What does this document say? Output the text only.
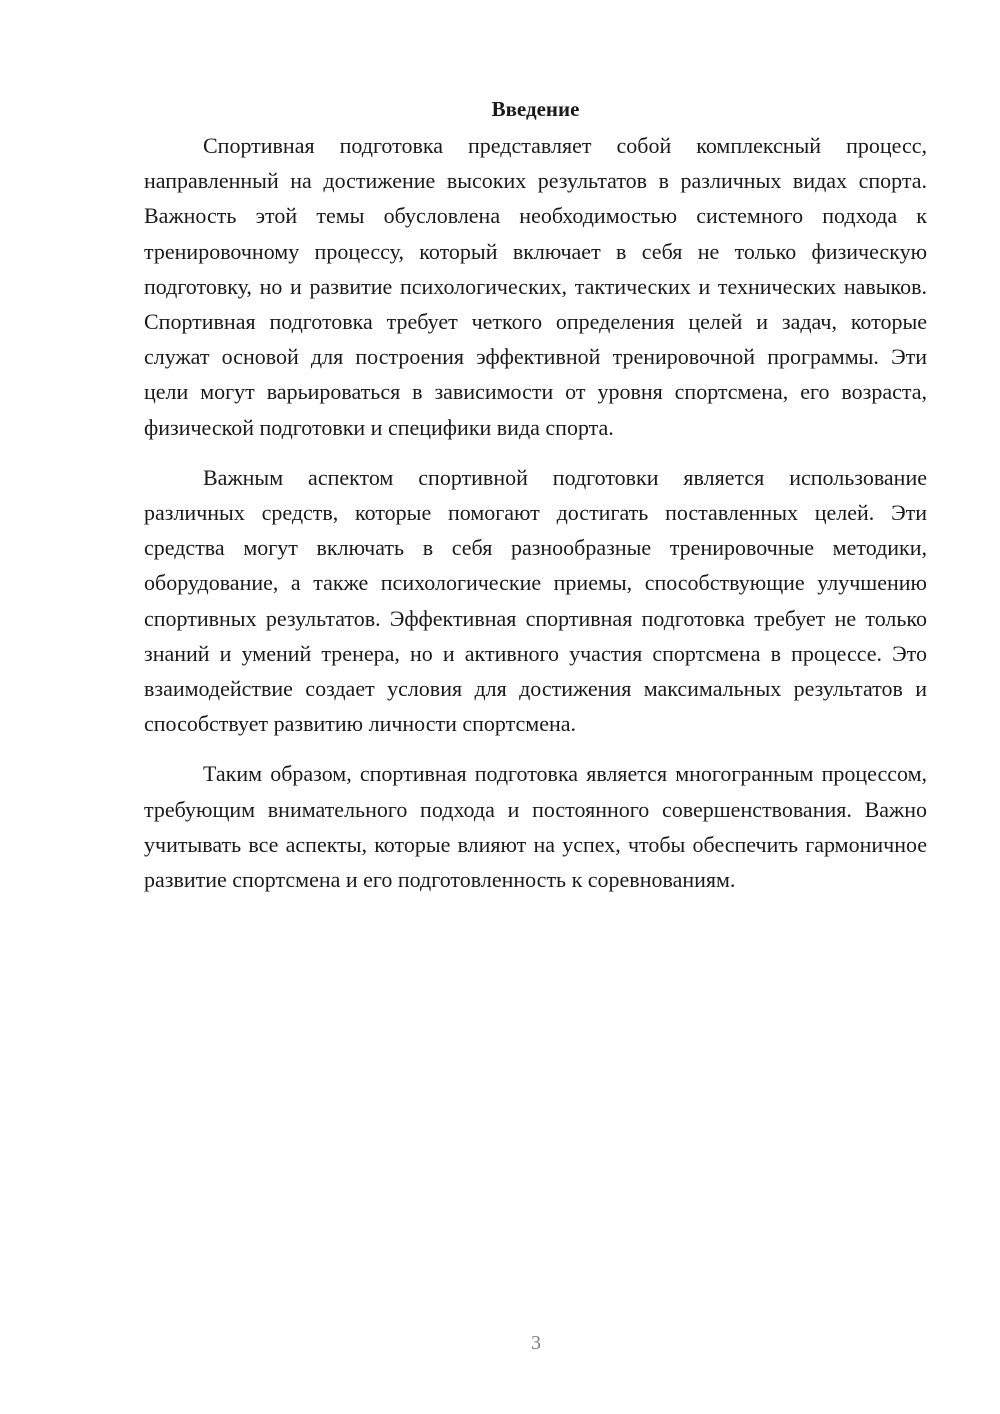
Введение

Спортивная подготовка представляет собой комплексный процесс, направленный на достижение высоких результатов в различных видах спорта. Важность этой темы обусловлена необходимостью системного подхода к тренировочному процессу, который включает в себя не только физическую подготовку, но и развитие психологических, тактических и технических навыков. Спортивная подготовка требует четкого определения целей и задач, которые служат основой для построения эффективной тренировочной программы. Эти цели могут варьироваться в зависимости от уровня спортсмена, его возраста, физической подготовки и специфики вида спорта.

Важным аспектом спортивной подготовки является использование различных средств, которые помогают достигать поставленных целей. Эти средства могут включать в себя разнообразные тренировочные методики, оборудование, а также психологические приемы, способствующие улучшению спортивных результатов. Эффективная спортивная подготовка требует не только знаний и умений тренера, но и активного участия спортсмена в процессе. Это взаимодействие создает условия для достижения максимальных результатов и способствует развитию личности спортсмена.

Таким образом, спортивная подготовка является многогранным процессом, требующим внимательного подхода и постоянного совершенствования. Важно учитывать все аспекты, которые влияют на успех, чтобы обеспечить гармоничное развитие спортсмена и его подготовленность к соревнованиям.

3
